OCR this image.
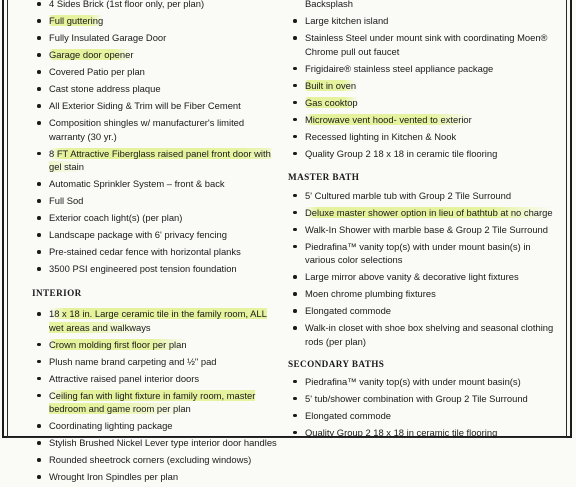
4 Sides Brick (1st floor only, per plan)
Full guttering
Fully Insulated Garage Door
Garage door opener
Covered Patio per plan
Cast stone address plaque
All Exterior Siding & Trim will be Fiber Cement
Composition shingles w/ manufacturer's limited warranty (30 yr.)
8 FT Attractive Fiberglass raised panel front door with gel stain
Automatic Sprinkler System – front & back
Full Sod
Exterior coach light(s) (per plan)
Landscape package with 6' privacy fencing
Pre-stained cedar fence with horizontal planks
3500 PSI engineered post tension foundation
INTERIOR
18 x 18 in. Large ceramic tile in the family room, ALL wet areas and walkways
Crown molding first floor per plan
Plush name brand carpeting and ½" pad
Attractive raised panel interior doors
Ceiling fan with light fixture in family room, master bedroom and game room per plan
Coordinating lighting package
Stylish Brushed Nickel Lever type interior door handles
Rounded sheetrock corners (excluding windows)
Wrought Iron Spindles per plan
Backsplash
Large kitchen island
Stainless Steel under mount sink with coordinating Moen® Chrome pull out faucet
Frigidaire® stainless steel appliance package
Built in oven
Gas cooktop
Microwave vent hood- vented to exterior
Recessed lighting in Kitchen & Nook
Quality Group 2 18 x 18 in ceramic tile flooring
MASTER BATH
5' Cultured marble tub with Group 2 Tile Surround
Deluxe master shower option in lieu of bathtub at no charge
Walk-In Shower with marble base & Group 2 Tile Surround
Piedrafina™ vanity top(s) with under mount basin(s) in various color selections
Large mirror above vanity & decorative light fixtures
Moen chrome plumbing fixtures
Elongated commode
Walk-in closet with shoe box shelving and seasonal clothing rods (per plan)
SECONDARY BATHS
Piedrafina™ vanity top(s) with under mount basin(s)
5' tub/shower combination with Group 2 Tile Surround
Elongated commode
Quality Group 2 18 x 18 in ceramic tile flooring
